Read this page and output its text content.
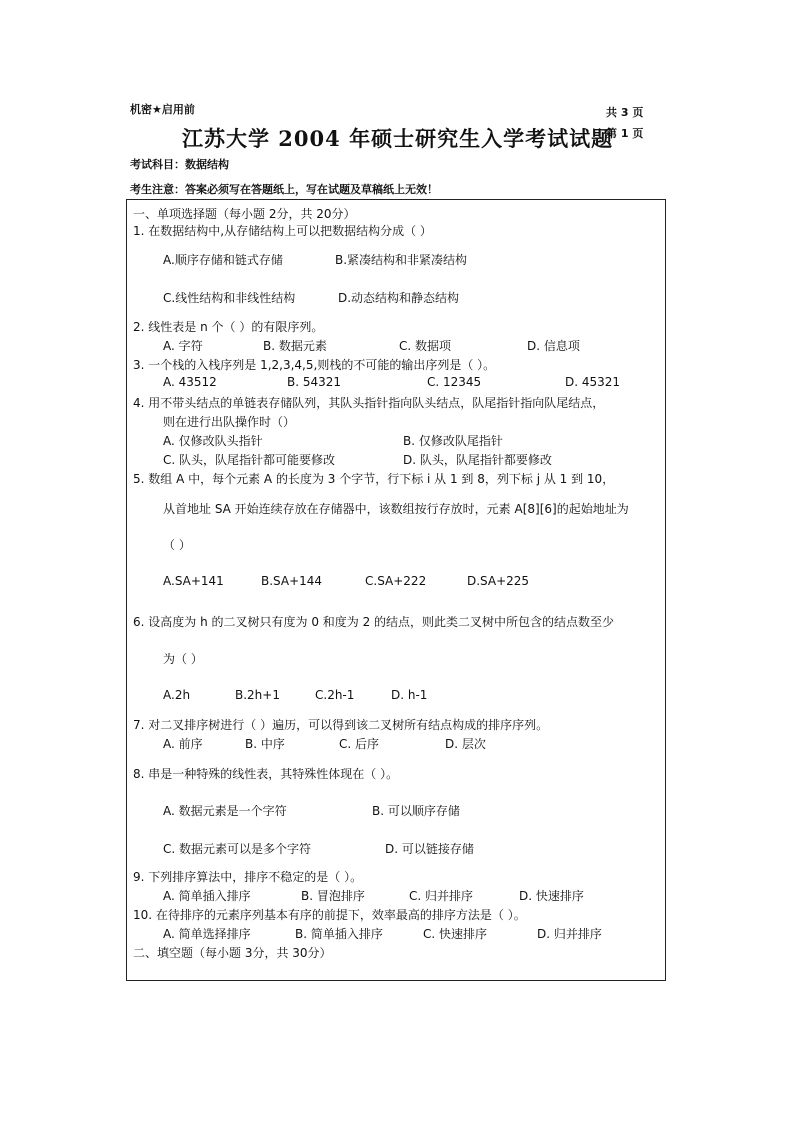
机密★启用前	共 3 页
江苏大学 2004 年硕士研究生入学考试试题
第 1 页
考试科目：数据结构
考生注意：答案必须写在答题纸上，写在试题及草稿纸上无效！
一、单项选择题（每小题 2分，共 20分）
1. 在数据结构中,从存储结构上可以把数据结构分成（ ）
A.顺序存储和链式存储	B.紧凑结构和非紧凑结构
C.线性结构和非线性结构	D.动态结构和静态结构
2. 线性表是 n 个（ ）的有限序列。
A. 字符	B. 数据元素	C. 数据项	D. 信息项
3. 一个栈的入栈序列是 1,2,3,4,5,则栈的不可能的输出序列是（ ）。
A. 43512	B. 54321	C. 12345	D. 45321
4. 用不带头结点的单链表存储队列，其队头指针指向队头结点，队尾指针指向队尾结点，
则在进行出队操作时（）
A. 仅修改队头指针	B. 仅修改队尾指针
C. 队头，队尾指针都可能要修改	D. 队头，队尾指针都要修改
5. 数组 A 中，每个元素 A 的长度为 3 个字节，行下标 i 从 1 到 8，列下标 j 从 1 到 10，
从首地址 SA 开始连续存放在存储器中，该数组按行存放时，元素 A[8][6]的起始地址为
（ ）
A.SA+141	B.SA+144	C.SA+222	D.SA+225
6. 设高度为 h 的二叉树只有度为 0 和度为 2 的结点，则此类二叉树中所包含的结点数至少
为（ ）
A.2h	B.2h+1	C.2h-1	D. h-1
7. 对二叉排序树进行（ ）遍历，可以得到该二叉树所有结点构成的排序序列。
A. 前序	B. 中序	C. 后序	D. 层次
8. 串是一种特殊的线性表，其特殊性体现在（ ）。
A. 数据元素是一个字符	B. 可以顺序存储
C. 数据元素可以是多个字符	D. 可以链接存储
9. 下列排序算法中，排序不稳定的是（ ）。
A. 简单插入排序	B. 冒泡排序	C. 归并排序	D. 快速排序
10. 在待排序的元素序列基本有序的前提下，效率最高的排序方法是（ ）。
A. 简单选择排序	B. 简单插入排序	C. 快速排序	D. 归并排序
二、填空题（每小题 3分，共 30分）
